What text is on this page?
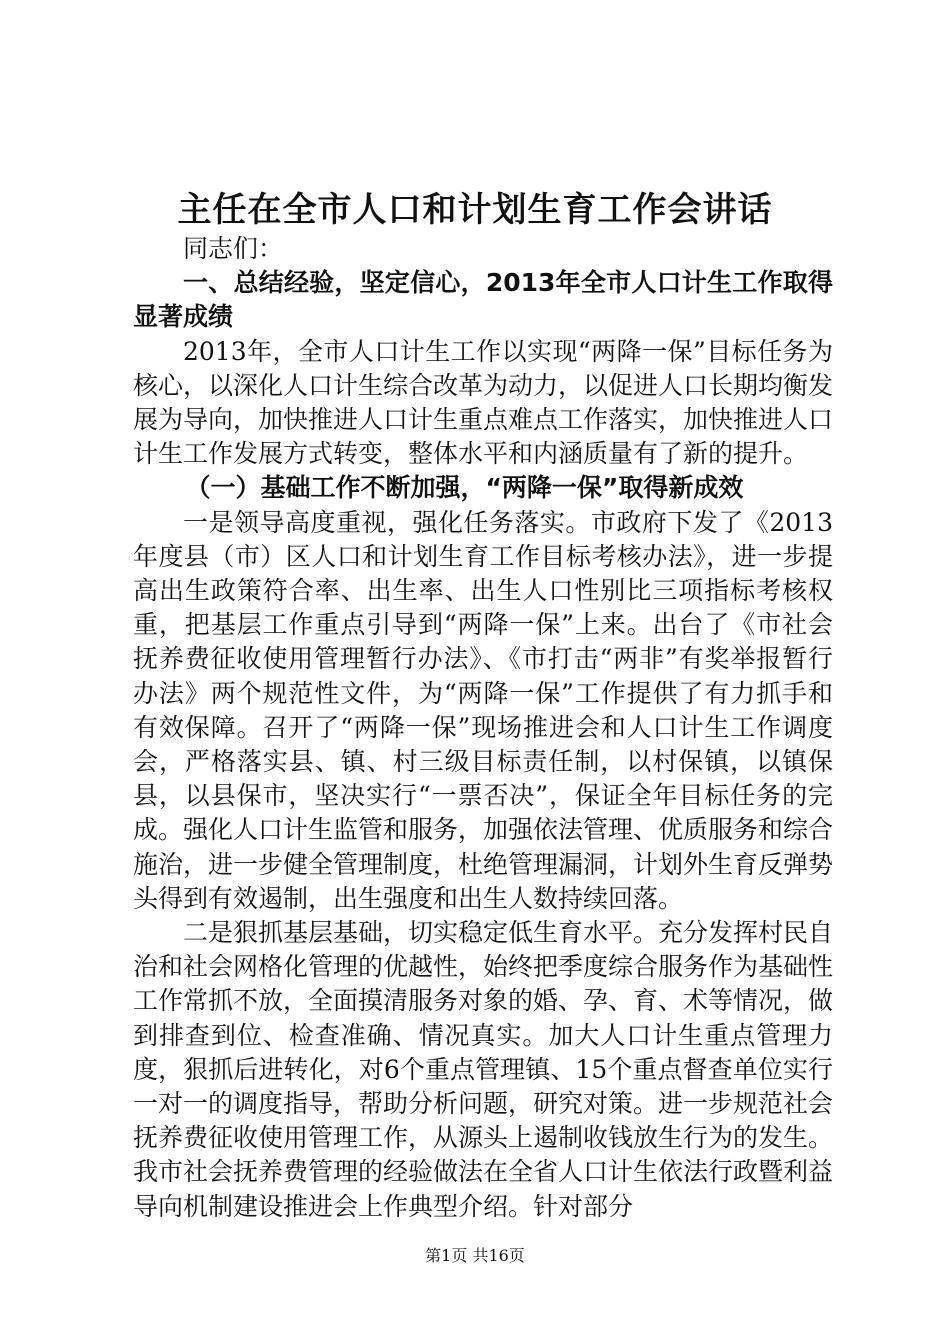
主任在全市人口和计划生育工作会讲话

同志们：

一、总结经验，坚定信心，2013年全市人口计生工作取得显著成绩

2013年，全市人口计生工作以实现“两降一保”目标任务为核心，以深化人口计生综合改革为动力，以促进人口长期均衡发展为导向，加快推进人口计生重点难点工作落实，加快推进人口计生工作发展方式转变，整体水平和内涵质量有了新的提升。

（一）基础工作不断加强，“两降一保”取得新成效

一是领导高度重视，强化任务落实。市政府下发了《2013年度县（市）区人口和计划生育工作目标考核办法》，进一步提高出生政策符合率、出生率、出生人口性别比三项指标考核权重，把基层工作重点引导到“两降一保”上来。出台了《市社会抚养费征收使用管理暂行办法》、《市打击“两非”有奖举报暂行办法》两个规范性文件，为“两降一保”工作提供了有力抓手和有效保障。召开了“两降一保”现场推进会和人口计生工作调度会，严格落实县、镇、村三级目标责任制，以村保镇，以镇保县，以县保市，坚决实行“一票否决”，保证全年目标任务的完成。强化人口计生监管和服务，加强依法管理、优质服务和综合施治，进一步健全管理制度，杜绝管理漏洞，计划外生育反弹势头得到有效遏制，出生强度和出生人数持续回落。

二是狠抓基层基础，切实稳定低生育水平。充分发挥村民自治和社会网格化管理的优越性，始终把季度综合服务作为基础性工作常抓不放，全面摸清服务对象的婚、孕、育、术等情况，做到排查到位、检查准确、情况真实。加大人口计生重点管理力度，狠抓后进转化，对6个重点管理镇、15个重点督查单位实行一对一的调度指导，帮助分析问题，研究对策。进一步规范社会抚养费征收使用管理工作，从源头上遏制收钱放生行为的发生。我市社会抚养费管理的经验做法在全省人口计生依法行政暨利益导向机制建设推进会上作典型介绍。针对部分

第1页 共16页
